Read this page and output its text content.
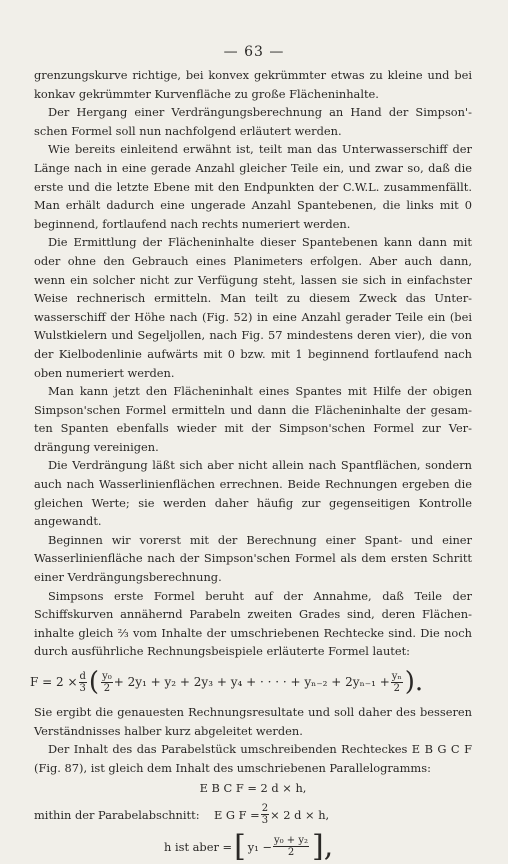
— 63 —

grenzungskurve richtige, bei konvex gekrümmter etwas zu kleine und bei konkav gekrümmter Kurvenfläche zu große Flächeninhalte.

Der Hergang einer Verdrängungsberechnung an Hand der Simpson'schen Formel soll nun nachfolgend erläutert werden.

Wie bereits einleitend erwähnt ist, teilt man das Unterwasserschiff der Länge nach in eine gerade Anzahl gleicher Teile ein, und zwar so, daß die erste und die letzte Ebene mit den Endpunkten der C.W.L. zusammenfällt. Man erhält dadurch eine ungerade Anzahl Spantebenen, die links mit 0 beginnend, fortlaufend nach rechts numeriert werden.

Die Ermittlung der Flächeninhalte dieser Spantebenen kann dann mit oder ohne den Gebrauch eines Planimeters erfolgen. Aber auch dann, wenn ein solcher nicht zur Verfügung steht, lassen sie sich in einfachster Weise rechnerisch ermitteln. Man teilt zu diesem Zweck das Unterwasserschiff der Höhe nach (Fig. 52) in eine Anzahl gerader Teile ein (bei Wulstkielern und Segeljollen, nach Fig. 57 mindestens deren vier), die von der Kielbodenlinie aufwärts mit 0 bzw. mit 1 beginnend fortlaufend nach oben numeriert werden.

Man kann jetzt den Flächeninhalt eines Spantes mit Hilfe der obigen Simpson'schen Formel ermitteln und dann die Flächeninhalte der gesamten Spanten ebenfalls wieder mit der Simpson'schen Formel zur Verdrängung vereinigen.

Die Verdrängung läßt sich aber nicht allein nach Spantflächen, sondern auch nach Wasserlinienflächen errechnen. Beide Rechnungen ergeben die gleichen Werte; sie werden daher häufig zur gegenseitigen Kontrolle angewandt.

Beginnen wir vorerst mit der Berechnung einer Spant- und einer Wasserlinienfläche nach der Simpson'schen Formel als dem ersten Schritt einer Verdrängungsberechnung.

Simpsons erste Formel beruht auf der Annahme, daß Teile der Schiffskurven annähernd Parabeln zweiten Grades sind, deren Flächeninhalte gleich ⅔ vom Inhalte der umschriebenen Rechtecke sind. Die noch durch ausführliche Rechnungsbeispiele erläuterte Formel lautet:

$F = 2 \times \frac{d}{3}$ ( $\frac{\text{y₀}}{2} + 2y_1 + y_2 + 2y_3 + y_4$ + · · · · + $y_{n-2} + 2y_{n-1} + \frac{\text{yₙ}}{2}$ ).

Sie ergibt die genauesten Rechnungsresultate und soll daher des besseren Verständnisses halber kurz abgeleitet werden.

Der Inhalt des das Parabelstück umschreibenden Rechteckes E B G C F (Fig. 87), ist gleich dem Inhalt des umschriebenen Parallelogramms:

E B C F = 2 d × h,
mithin der Parabelabschnitt:	E G $F = \frac{2}{3} \times 2$ d × h,
h ist aber = [ $y_1 - \frac{\text{y₀ + y₂}}{2}$ ],
